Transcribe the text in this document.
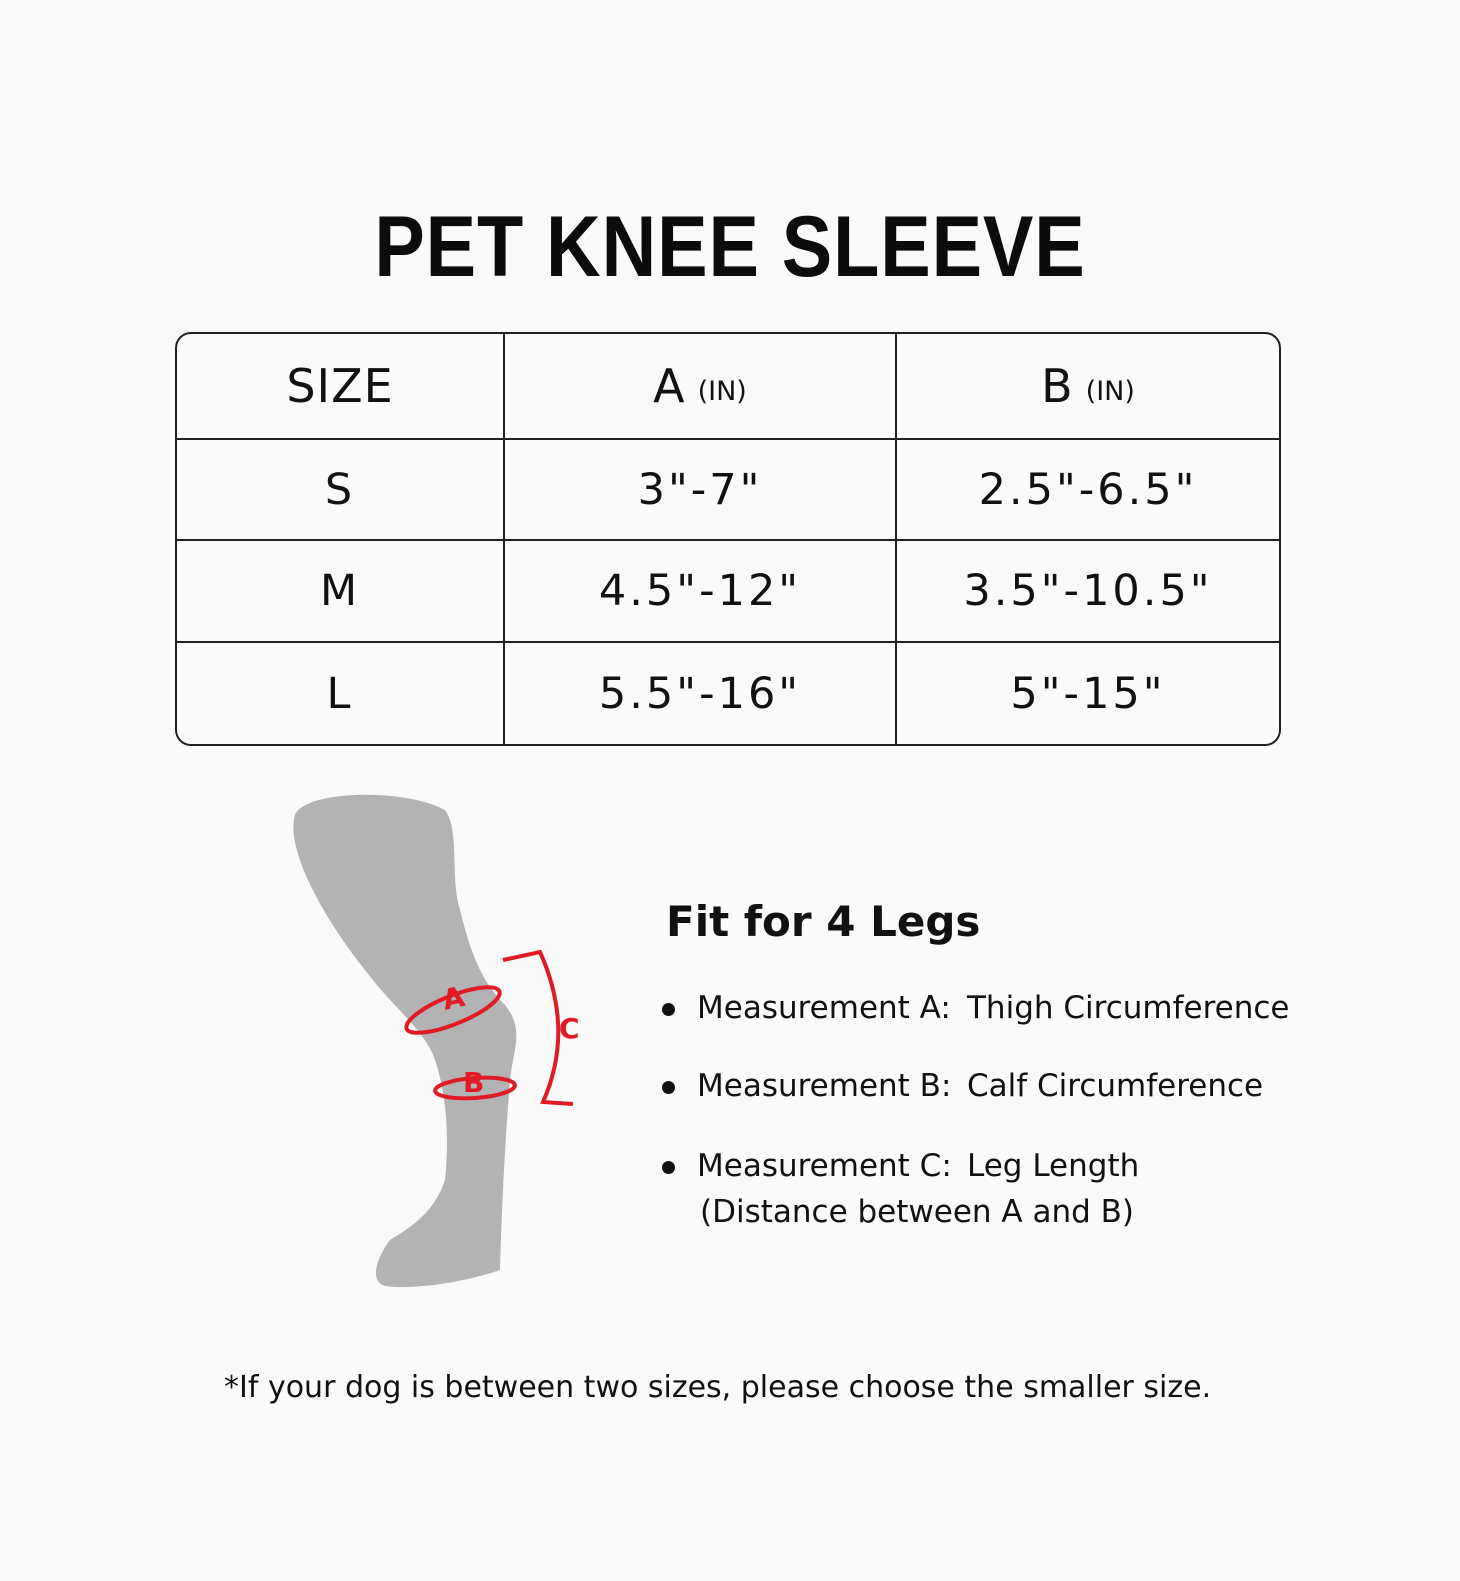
PET KNEE SLEEVE
SIZE	A (IN)	B (IN)
S	3"-7"	2.5"-6.5"
M	4.5"-12"	3.5"-10.5"
L	5.5"-16"	5"-15"
A
B
C
Fit for 4 Legs
Measurement A: Thigh Circumference
Measurement B: Calf Circumference
Measurement C: Leg Length
(Distance between A and B)
*If your dog is between two sizes, please choose the smaller size.
